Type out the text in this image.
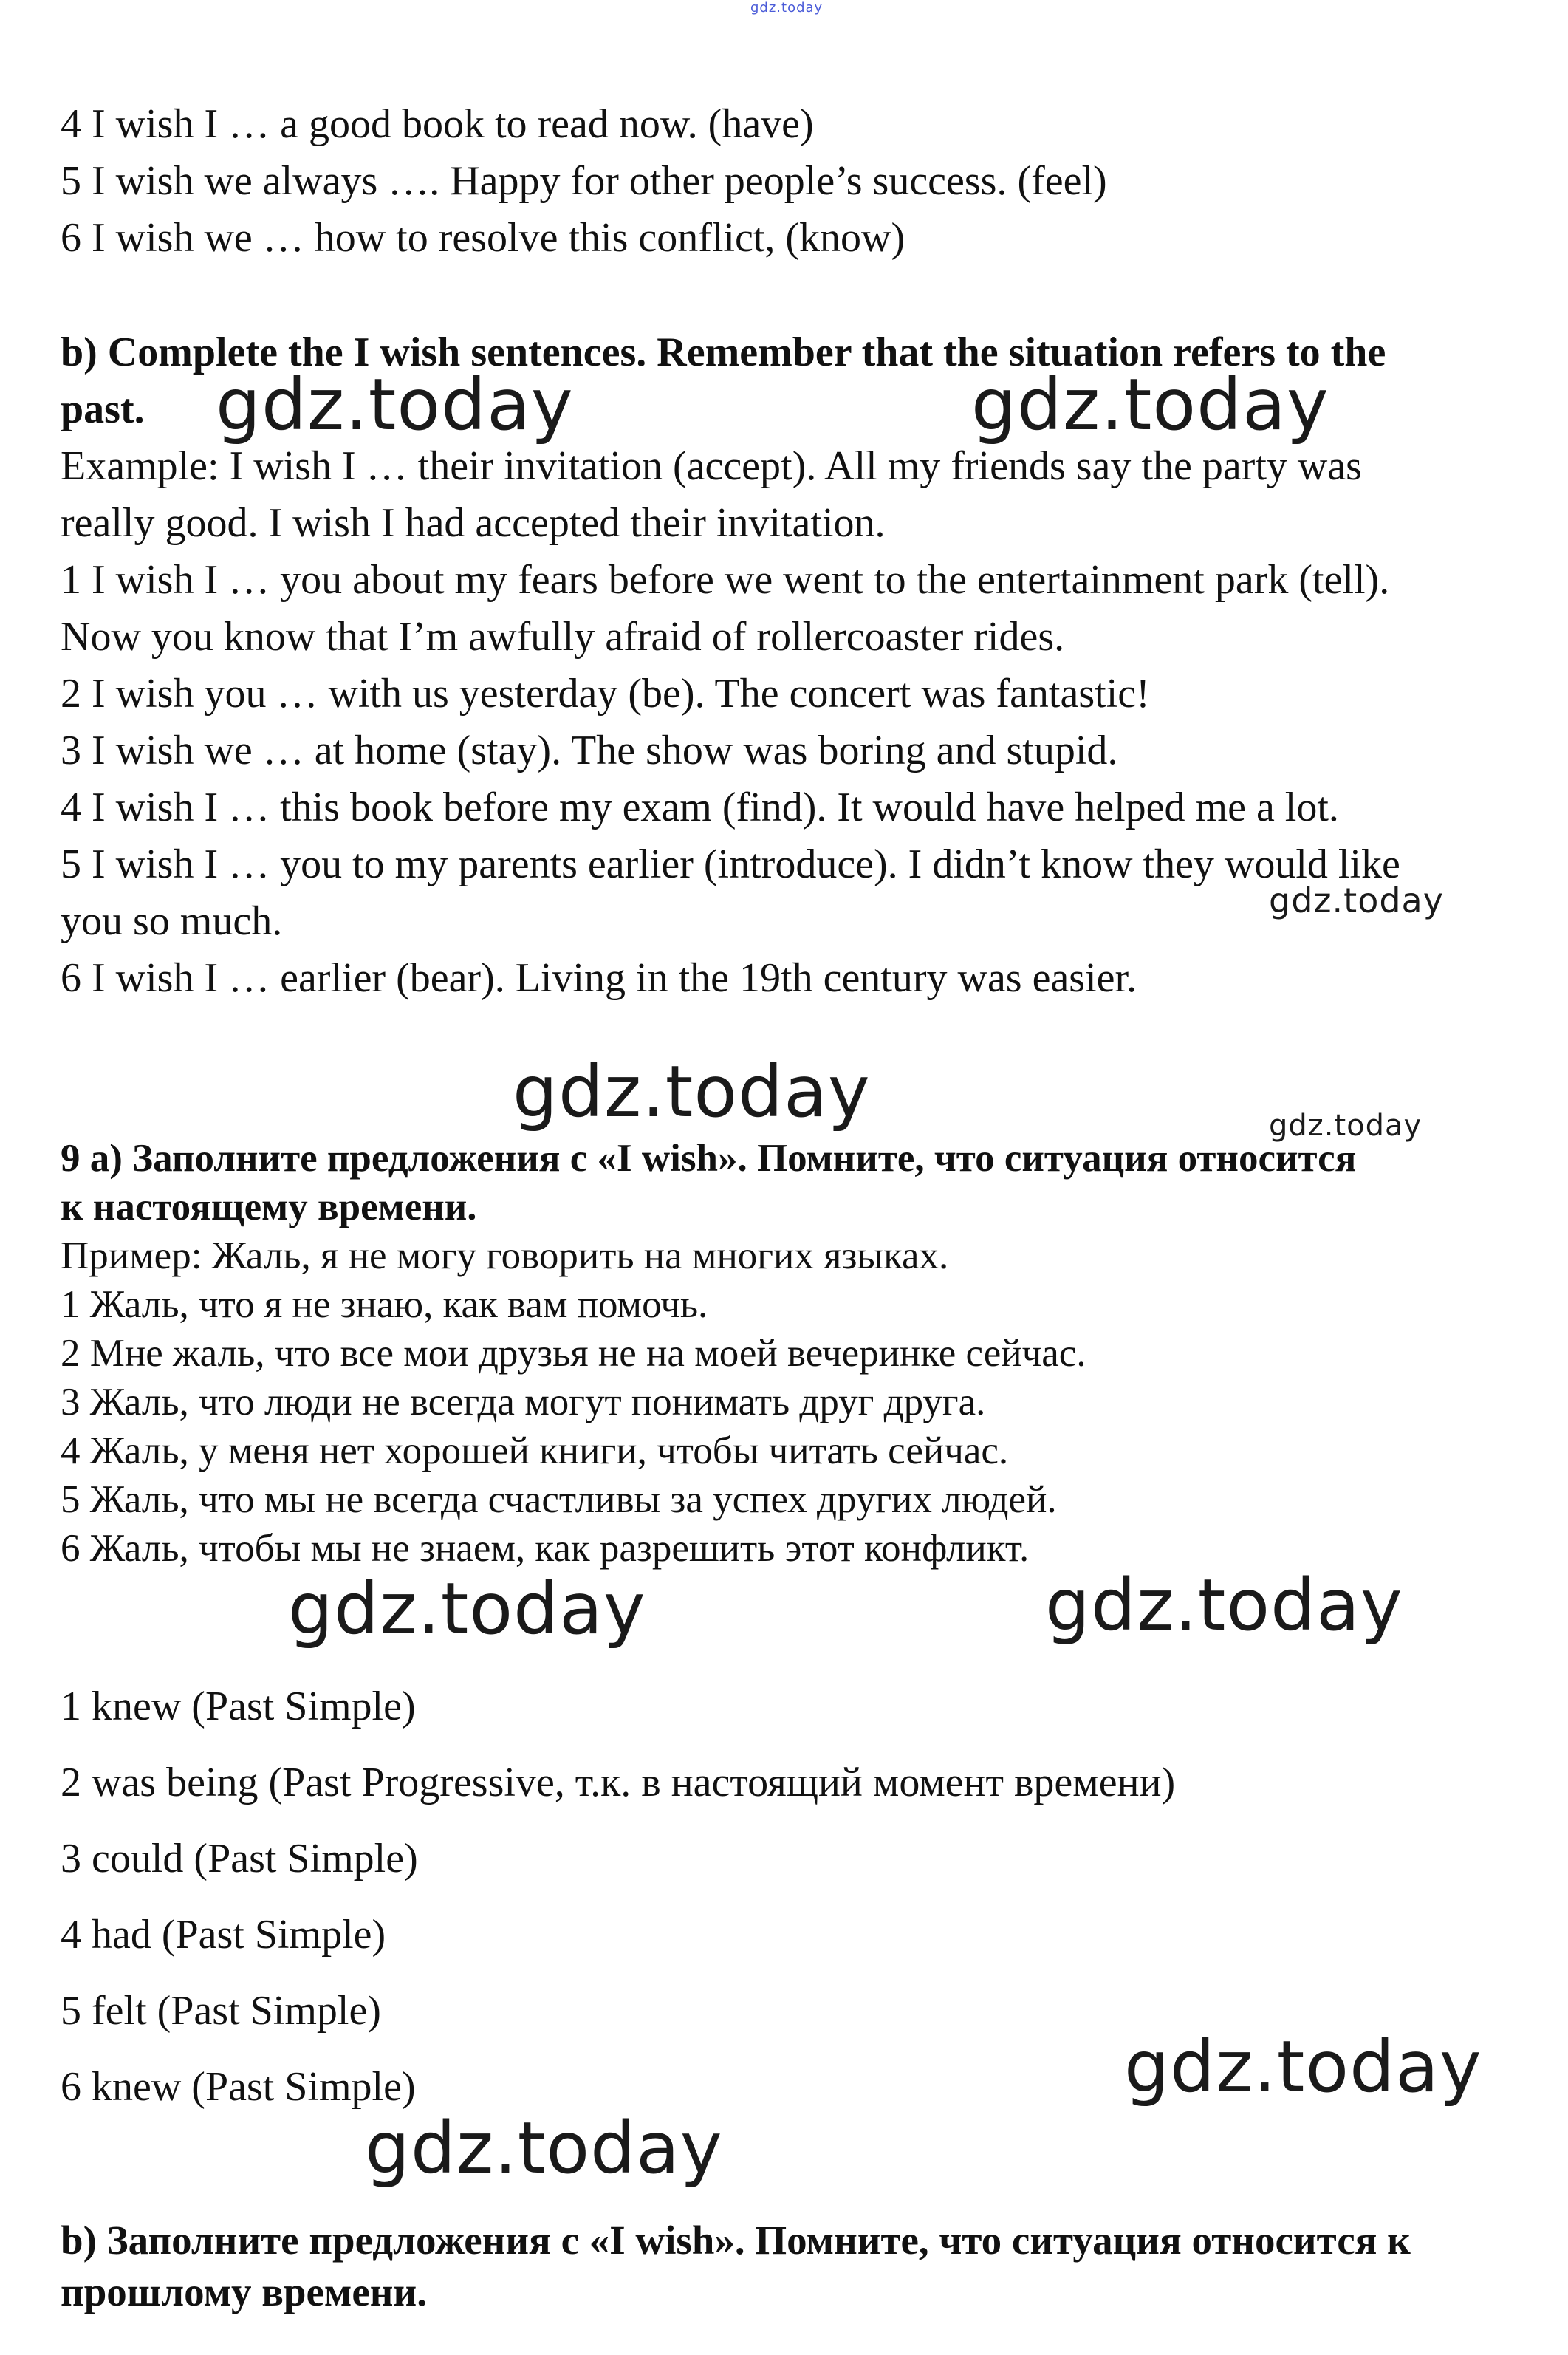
gdz.today
4 I wish I … a good book to read now. (have)
5 I wish we always …. Happy for other people’s success. (feel)
6 I wish we … how to resolve this conflict, (know)
b) Complete the I wish sentences. Remember that the situation refers to the
past. gdz.today	gdz.today
Example: I wish I … their invitation (accept). All my friends say the party was
really good. I wish I had accepted their invitation.
1 I wish I … you about my fears before we went to the entertainment park (tell).
Now you know that I’m awfully afraid of rollercoaster rides.
2 I wish you … with us yesterday (be). The concert was fantastic!
3 I wish we … at home (stay). The show was boring and stupid.
4 I wish I … this book before my exam (find). It would have helped me a lot.
5 I wish I … you to my parents earlier (introduce). I didn’t know they would like
you so much.	gdz.today
6 I wish I … earlier (bear). Living in the 19th century was easier.
gdz.today	gdz.today
9 а) Заполните предложения с «I wish». Помните, что ситуация относится
к настоящему времени.
Пример: Жаль, я не могу говорить на многих языках.
1 Жаль, что я не знаю, как вам помочь.
2 Мне жаль, что все мои друзья не на моей вечеринке сейчас.
3 Жаль, что люди не всегда могут понимать друг друга.
4 Жаль, у меня нет хорошей книги, чтобы читать сейчас.
5 Жаль, что мы не всегда счастливы за успех других людей.
6 Жаль, чтобы мы не знаем, как разрешить этот конфликт.
gdz.today	gdz.today
1 knew (Past Simple)
2 was being (Past Progressive, т.к. в настоящий момент времени)
3 could (Past Simple)
4 had (Past Simple)
5 felt (Past Simple)
6 knew (Past Simple)	gdz.today
gdz.today
b) Заполните предложения с «I wish». Помните, что ситуация относится к
прошлому времени.
